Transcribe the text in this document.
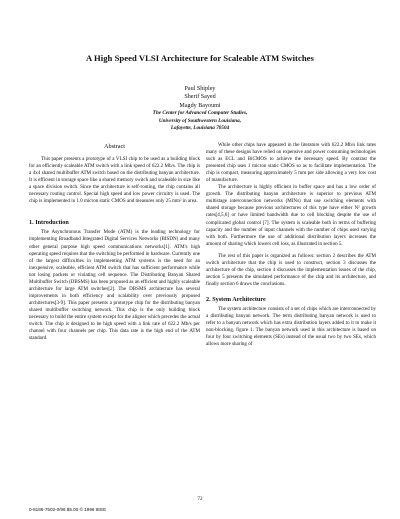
A High Speed VLSI Architecture for Scaleable ATM Switches
Paul Shipley
Sherif Sayed
Magdy Bayoumi
The Center for Advanced Computer Studies,
University of Southwestern Louisiana,
Lafayette, Louisiana 70504
Abstract

This paper presents a prototype of a VLSI chip to be used as a building block for an efficiently scaleable ATM switch with a link speed of 622.2 Mb/s. The chip is a 4x4 shared multibuffer ATM switch based on the distributing banyan architecture. It is efficient in storage space like a shared memory switch and scaleable in size like a space division switch. Since the architecture is self-routing, the chip contains all necessary routing control. Special high speed and low power circuitry is used. The chip is implemented in 1.0 micron static CMOS and measures only 25 mm² in area.

1. Introduction

The Asynchronous Transfer Mode (ATM) is the leading technology for implementing Broadband Integrated Digital Services Networks (BISDN) and many other general purpose high speed communications networks[1]. ATM's high operating speed requires that the switching be performed in hardware. Currently one of the largest difficulties in implementing ATM systems is the need for an inexpensive, scaleable, efficient ATM switch that has sufficient performance while not losing packets or violating cell sequence. The Distributing Banyan Shared Multibuffer Switch (DBSMS) has been proposed as an efficient and highly scaleable architecture for large ATM switches[2]. The DBSMS architecture has several improvements in both efficiency and scalability over previously proposed architectures[3-9]. This paper presents a prototype chip for the distributing banyan shared multibuffer switching network. This chip is the only building block necessary to build the entire system except for the aligner which precedes the actual switch. The chip is designed to be high speed with a link rate of 622.2 Mb/s per channel with four channels per chip. This data rate is the high end of the ATM standard.

While other chips have appeared in the literature with 622.2 Mb/s link rates many of these designs have relied on expensive and power consuming technologies such as ECL and BiCMOS to achieve the necessary speed. By contrast the presented chip uses 1 micron static CMOS so as to facilitate implementation. The chip is compact, measuring approximately 5 mm per side allowing a very low cost of manufacture.

The architecture is highly efficient in buffer space and has a low order of growth. The distributing banyan architecture is superior to previous ATM multistage interconnection networks (MINs) that use switching elements with shared storage because previous architectures of this type have either N² growth rates[4,5,6] or have limited bandwidth due to cell blocking despite the use of complicated global control [7]. The system is scaleable both in terms of buffering capacity and the number of input channels with the number of chips used varying with both. Furthermore the use of additional distribution layers increases the amount of sharing which lowers cell loss, as illustrated in section 5.

The rest of this paper is organized as follows: section 2 describes the ATM switch architecture that the chip is used to construct, section 3 discusses the architecture of the chip, section 4 discusses the implementation issues of the chip, section 5 presents the simulated performance of the chip and its architecture, and finally section 6 draws the conclusions.

2. System Architecture

The system architecture consists of a set of chips which are interconnected by a distributing banyan network. The term distributing banyan network is used to refer to a banyan network which has extra distribution layers added to it to make it non-blocking, figure 1. The banyan network used in this architecture is based on four by four switching elements (SEs) instead of the usual two by two SEs, which allows more sharing of

72
0-8186-7502-0/96 $5.00 © 1996 IEEE
